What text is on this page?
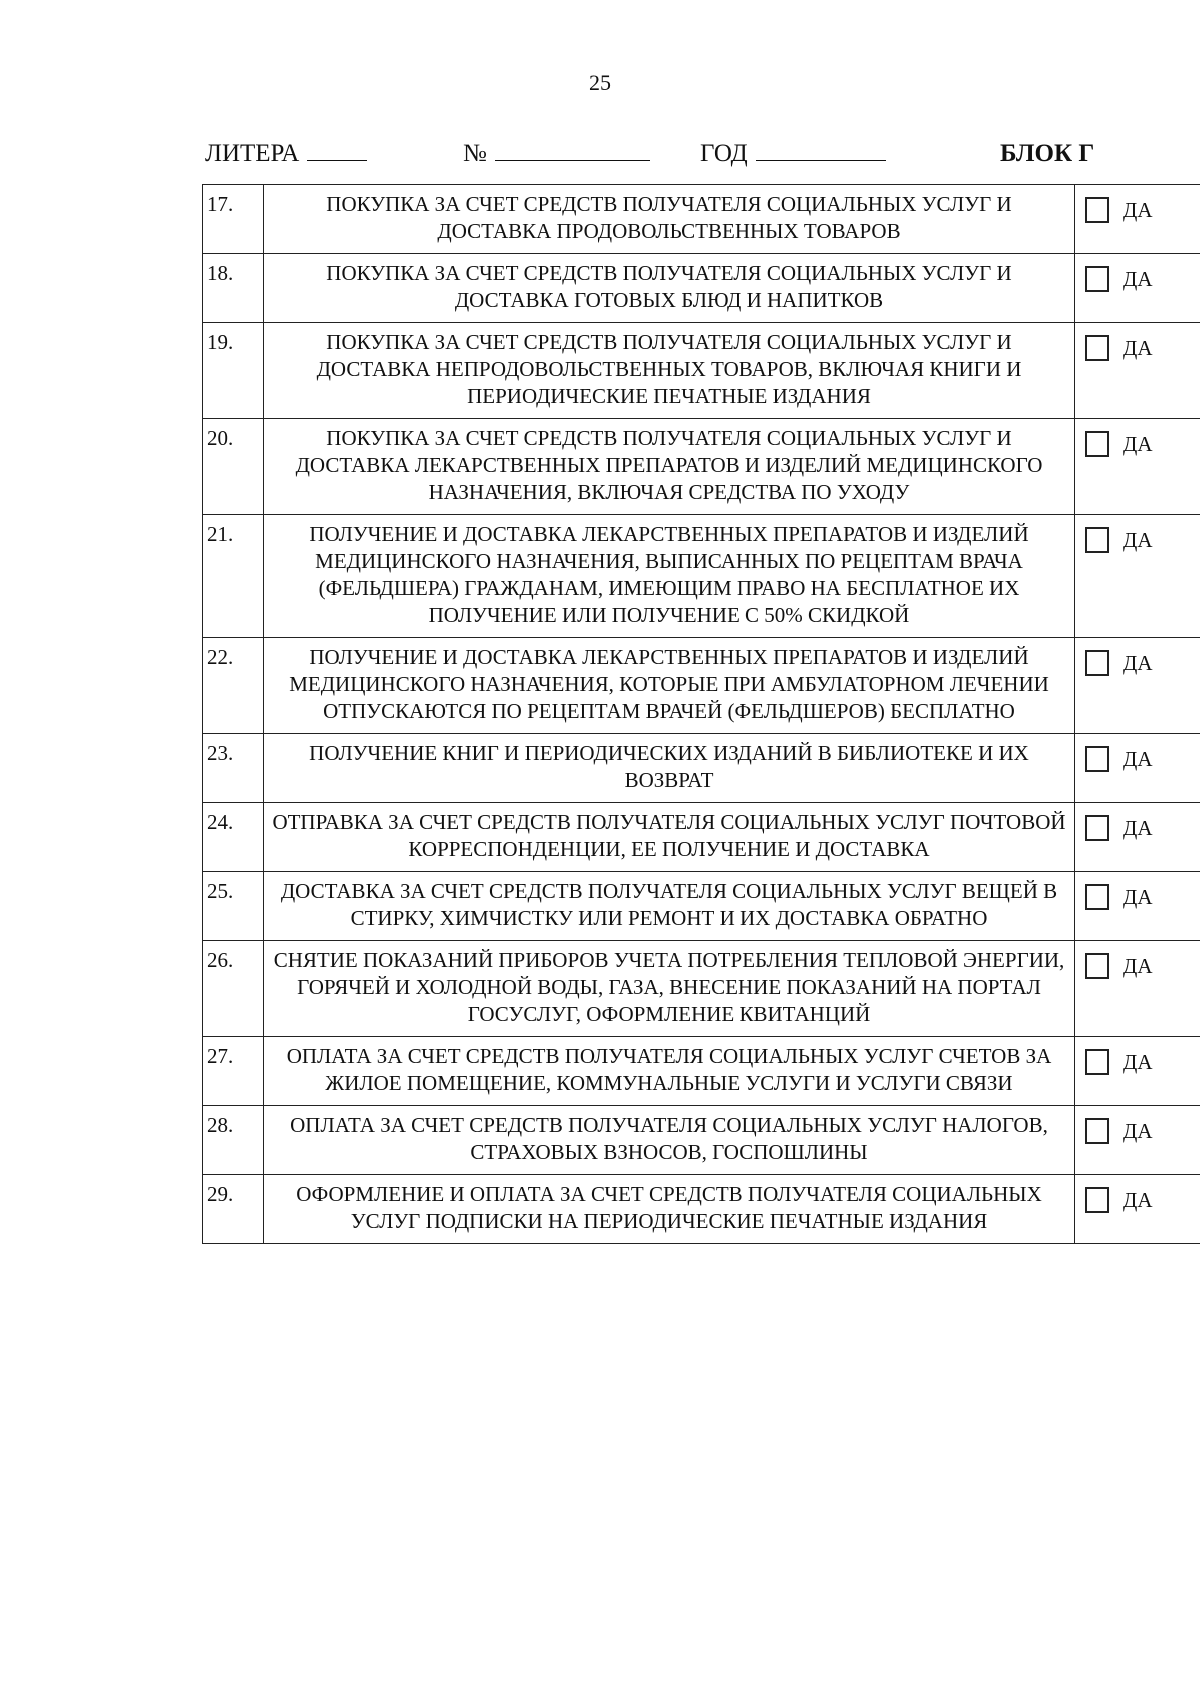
25
ЛИТЕРА	№	ГОД	БЛОК Г
17.	ПОКУПКА ЗА СЧЕТ СРЕДСТВ ПОЛУЧАТЕЛЯ СОЦИАЛЬНЫХ УСЛУГ И ДОСТАВКА ПРОДОВОЛЬСТВЕННЫХ ТОВАРОВ	ДА
18.	ПОКУПКА ЗА СЧЕТ СРЕДСТВ ПОЛУЧАТЕЛЯ СОЦИАЛЬНЫХ УСЛУГ И ДОСТАВКА ГОТОВЫХ БЛЮД И НАПИТКОВ	ДА
19.	ПОКУПКА ЗА СЧЕТ СРЕДСТВ ПОЛУЧАТЕЛЯ СОЦИАЛЬНЫХ УСЛУГ И ДОСТАВКА НЕПРОДОВОЛЬСТВЕННЫХ ТОВАРОВ, ВКЛЮЧАЯ КНИГИ И ПЕРИОДИЧЕСКИЕ ПЕЧАТНЫЕ ИЗДАНИЯ	ДА
20.	ПОКУПКА ЗА СЧЕТ СРЕДСТВ ПОЛУЧАТЕЛЯ СОЦИАЛЬНЫХ УСЛУГ И ДОСТАВКА ЛЕКАРСТВЕННЫХ ПРЕПАРАТОВ И ИЗДЕЛИЙ МЕДИЦИНСКОГО НАЗНАЧЕНИЯ, ВКЛЮЧАЯ СРЕДСТВА ПО УХОДУ	ДА
21.	ПОЛУЧЕНИЕ И ДОСТАВКА ЛЕКАРСТВЕННЫХ ПРЕПАРАТОВ И ИЗДЕЛИЙ МЕДИЦИНСКОГО НАЗНАЧЕНИЯ, ВЫПИСАННЫХ ПО РЕЦЕПТАМ ВРАЧА (ФЕЛЬДШЕРА) ГРАЖДАНАМ, ИМЕЮЩИМ ПРАВО НА БЕСПЛАТНОЕ ИХ ПОЛУЧЕНИЕ ИЛИ ПОЛУЧЕНИЕ С 50% СКИДКОЙ	ДА
22.	ПОЛУЧЕНИЕ И ДОСТАВКА ЛЕКАРСТВЕННЫХ ПРЕПАРАТОВ И ИЗДЕЛИЙ МЕДИЦИНСКОГО НАЗНАЧЕНИЯ, КОТОРЫЕ ПРИ АМБУЛАТОРНОМ ЛЕЧЕНИИ ОТПУСКАЮТСЯ ПО РЕЦЕПТАМ ВРАЧЕЙ (ФЕЛЬДШЕРОВ) БЕСПЛАТНО	ДА
23.	ПОЛУЧЕНИЕ КНИГ И ПЕРИОДИЧЕСКИХ ИЗДАНИЙ В БИБЛИОТЕКЕ И ИХ ВОЗВРАТ	ДА
24.	ОТПРАВКА ЗА СЧЕТ СРЕДСТВ ПОЛУЧАТЕЛЯ СОЦИАЛЬНЫХ УСЛУГ ПОЧТОВОЙ КОРРЕСПОНДЕНЦИИ, ЕЕ ПОЛУЧЕНИЕ И ДОСТАВКА	ДА
25.	ДОСТАВКА ЗА СЧЕТ СРЕДСТВ ПОЛУЧАТЕЛЯ СОЦИАЛЬНЫХ УСЛУГ ВЕЩЕЙ В СТИРКУ, ХИМЧИСТКУ ИЛИ РЕМОНТ И ИХ ДОСТАВКА ОБРАТНО	ДА
26.	СНЯТИЕ ПОКАЗАНИЙ ПРИБОРОВ УЧЕТА ПОТРЕБЛЕНИЯ ТЕПЛОВОЙ ЭНЕРГИИ, ГОРЯЧЕЙ И ХОЛОДНОЙ ВОДЫ, ГАЗА, ВНЕСЕНИЕ ПОКАЗАНИЙ НА ПОРТАЛ ГОСУСЛУГ, ОФОРМЛЕНИЕ КВИТАНЦИЙ	ДА
27.	ОПЛАТА ЗА СЧЕТ СРЕДСТВ ПОЛУЧАТЕЛЯ СОЦИАЛЬНЫХ УСЛУГ СЧЕТОВ ЗА ЖИЛОЕ ПОМЕЩЕНИЕ, КОММУНАЛЬНЫЕ УСЛУГИ И УСЛУГИ СВЯЗИ	ДА
28.	ОПЛАТА ЗА СЧЕТ СРЕДСТВ ПОЛУЧАТЕЛЯ СОЦИАЛЬНЫХ УСЛУГ НАЛОГОВ, СТРАХОВЫХ ВЗНОСОВ, ГОСПОШЛИНЫ	ДА
29.	ОФОРМЛЕНИЕ И ОПЛАТА ЗА СЧЕТ СРЕДСТВ ПОЛУЧАТЕЛЯ СОЦИАЛЬНЫХ УСЛУГ ПОДПИСКИ НА ПЕРИОДИЧЕСКИЕ ПЕЧАТНЫЕ ИЗДАНИЯ	ДА
